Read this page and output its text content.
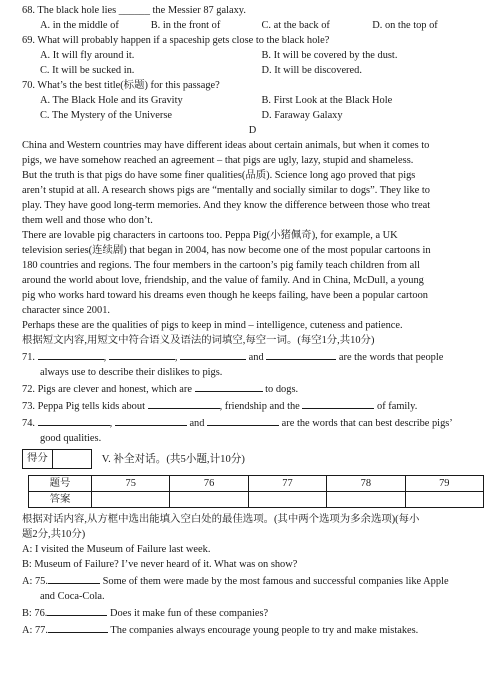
68. The black hole lies ______ the Messier 87 galaxy.
A. in the middle of	B. in the front of	C. at the back of	D. on the top of
69. What will probably happen if a spaceship gets close to the black hole?
A. It will fly around it.	B. It will be covered by the dust.
C. It will be sucked in.	D. It will be discovered.
70. What’s the best title(标题) for this passage?
A. The Black Hole and its Gravity	B. First Look at the Black Hole
C. The Mystery of the Universe	D. Faraway Galaxy
D
China and Western countries may have different ideas about certain animals, but when it comes to
pigs, we have somehow reached an agreement – that pigs are ugly, lazy, stupid and shameless.
But the truth is that pigs do have some finer qualities(品质). Science long ago proved that pigs
aren’t stupid at all. A research shows pigs are “mentally and socially similar to dogs”. They like to
play. They have good long-term memories. And they know the difference between those who treat
them well and those who don’t.
There are lovable pig characters in cartoons too. Peppa Pig(小猪佩奇), for example, a UK
television series(连续剧) that began in 2004, has now become one of the most popular cartoons in
180 countries and regions. The four members in the cartoon’s pig family teach children from all
around the world about love, friendship, and the value of family. And in China, McDull, a young
pig who works hard toward his dreams even though he keeps failing, have been a popular cartoon
character since 2001.
Perhaps these are the qualities of pigs to keep in mind – intelligence, cuteness and patience.
根据短文内容,用短文中符合语义及语法的词填空,每空一词。(每空1分,共10分)
71.	,	,	and	are the words that people
always use to describe their dislikes to pigs.
72. Pigs are clever and honest, which are	to dogs.
73. Peppa Pig tells kids about	, friendship and the	of family.
74.	,	and	are the words that can best describe pigs’
good qualities.
得分	V. 补全对话。(共5小题,计10分)
题号	75	76	77	78	79
答案					
根据对话内容,从方框中选出能填入空白处的最佳选项。(其中两个选项为多余选项)(每小
题2分,共10分)
A: I visited the Museum of Failure last week.
B: Museum of Failure? I’ve never heard of it. What was on show?
A: 75.	Some of them were made by the most famous and successful companies like Apple
and Coca-Cola.
B: 76.	Does it make fun of these companies?
A: 77.	The companies always encourage young people to try and make mistakes.
